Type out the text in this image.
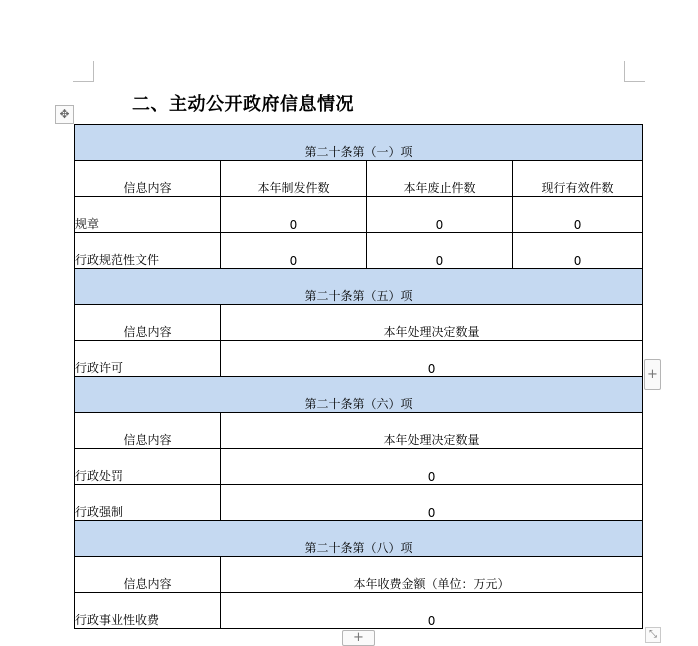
二、主动公开政府信息情况
✥
第二十条第（一）项			
信息内容	本年制发件数	本年废止件数	现行有效件数
规章	0	0	0
行政规范性文件	0	0	0
第二十条第（五）项			
信息内容	本年处理决定数量		
行政许可	0		
第二十条第（六）项			
信息内容	本年处理决定数量		
行政处罚	0		
行政强制	0		
第二十条第（八）项			
信息内容	本年收费金额（单位：万元）		
行政事业性收费	0		
+
+	⤡
